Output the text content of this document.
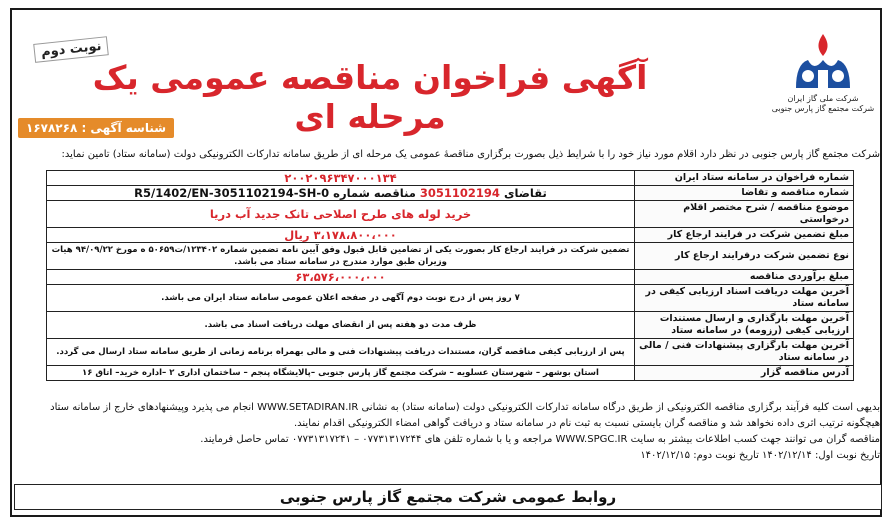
شرکت ملی گاز ایران
شرکت مجتمع گاز پارس جنوبی
نوبت دوم
آگهی فراخوان مناقصه عمومی یک مرحله ای
شناسه آگهی : ۱۶۷۸۲۶۸
شرکت مجتمع گاز پارس جنوبی در نظر دارد اقلام مورد نیاز خود را با شرایط ذیل بصورت برگزاری مناقصهٔ عمومی یک مرحله ای از طریق سامانه تدارکات الکترونیکی دولت (سامانه ستاد) تامین نماید:
شماره فراخوان در سامانه ستاد ایران	۲۰۰۲۰۹۶۳۴۷۰۰۰۱۳۴
شماره مناقصه و تقاضا	تقاضای 3051102194 مناقصه شماره R5/1402/EN-3051102194-SH-0
موضوع مناقصه / شرح مختصر اقلام درخواستی	خرید لوله های طرح اصلاحی تانک جدید آب دریا
مبلغ تضمین شرکت در فرایند ارجاع کار	۳،۱۷۸،۸۰۰،۰۰۰ ریال
نوع تضمین شرکت درفرایند ارجاع کار	تضمین شرکت در فرایند ارجاع کار بصورت یکی از تضامین قابل قبول وفق آیین نامه تضمین شماره ۱۲۳۴۰۲/ت۵۰۶۵۹ ه مورخ ۹۴/۰۹/۲۲ هیات وزیران طبق موارد مندرج در سامانه ستاد می باشد.
مبلغ برآوردی مناقصه	۶۳،۵۷۶،۰۰۰،۰۰۰
آخرین مهلت دریافت اسناد ارزیابی کیفی در سامانه ستاد	۷ روز پس از درج نوبت دوم آگهی در صفحه اعلان عمومی سامانه ستاد ایران می باشد.
آخرین مهلت بارگذاری و ارسال مستندات ارزیابی کیفی (رزومه) در سامانه ستاد	ظرف مدت دو هفته پس از انقضای مهلت دریافت اسناد می باشد.
آخرین مهلت بارگزاری پیشنهادات فنی / مالی در سامانه ستاد	پس از ارزیابی کیفی مناقصه گران، مستندات دریافت پیشنهادات فنی و مالی بهمراه برنامه زمانی از طریق سامانه ستاد ارسال می گردد.
آدرس مناقصه گزار	استان بوشهر – شهرستان عسلویه – شرکت مجتمع گاز پارس جنوبی –پالایشگاه پنجم – ساختمان اداری ۲ –اداره خرید– اتاق ۱۶
بدیهی است کلیه فرآیند برگزاری مناقصه الکترونیکی از طریق درگاه سامانه تدارکات الکترونیکی دولت (سامانه ستاد) به نشانی WWW.SETADIRAN.IR انجام می پذیرد وپیشنهادهای خارج از سامانه ستاد هیچگونه ترتیب اثری داده نخواهد شد و مناقصه گران بایستی نسبت به ثبت نام در سامانه ستاد و دریافت گواهی امضاء الکترونیکی اقدام نمایند.
مناقصه گران می توانند جهت کسب اطلاعات بیشتر به سایت WWW.SPGC.IR مراجعه و یا با شماره تلفن های ۰۷۷۳۱۳۱۷۲۴۴ – ۰۷۷۳۱۳۱۷۲۴۱ تماس حاصل فرمایند.
تاریخ نوبت اول: ۱۴۰۲/۱۲/۱۴ تاریخ نوبت دوم: ۱۴۰۲/۱۲/۱۵
روابط عمومی شرکت مجتمع گاز پارس جنوبی
